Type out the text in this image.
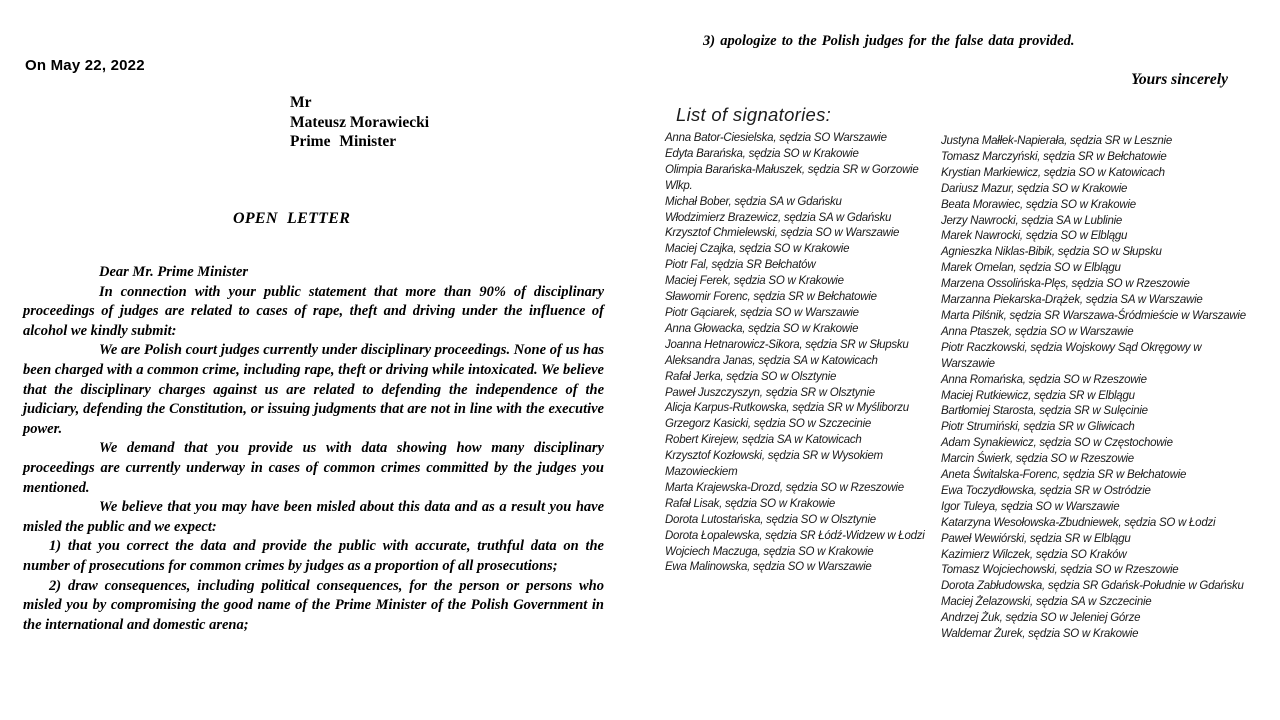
On May 22, 2022
Mr
Mateusz Morawiecki
Prime Minister
OPEN LETTER

Dear Mr. Prime Minister

In connection with your public statement that more than 90% of disciplinary proceedings of judges are related to cases of rape, theft and driving under the influence of alcohol we kindly submit:

We are Polish court judges currently under disciplinary proceedings. None of us has been charged with a common crime, including rape, theft or driving while intoxicated. We believe that the disciplinary charges against us are related to defending the independence of the judiciary, defending the Constitution, or issuing judgments that are not in line with the executive power.

We demand that you provide us with data showing how many disciplinary proceedings are currently underway in cases of common crimes committed by the judges you mentioned.

We believe that you may have been misled about this data and as a result you have misled the public and we expect:

1) that you correct the data and provide the public with accurate, truthful data on the number of prosecutions for common crimes by judges as a proportion of all prosecutions;

2) draw consequences, including political consequences, for the person or persons who misled you by compromising the good name of the Prime Minister of the Polish Government in the international and domestic arena;

3) apologize to the Polish judges for the false data provided.
Yours sincerely
List of signatories:
Anna Bator-Ciesielska, sędzia SO Warszawie
Edyta Barańska, sędzia SO w Krakowie
Olimpia Barańska-Małuszek, sędzia SR w Gorzowie Wlkp.
Michał Bober, sędzia SA w Gdańsku
Włodzimierz Brazewicz, sędzia SA w Gdańsku
Krzysztof Chmielewski, sędzia SO w Warszawie
Maciej Czajka, sędzia SO w Krakowie
Piotr Fal, sędzia SR Bełchatów
Maciej Ferek, sędzia SO w Krakowie
Sławomir Forenc, sędzia SR w Bełchatowie
Piotr Gąciarek, sędzia SO w Warszawie
Anna Głowacka, sędzia SO w Krakowie
Joanna Hetnarowicz-Sikora, sędzia SR w Słupsku
Aleksandra Janas, sędzia SA w Katowicach
Rafał Jerka, sędzia SO w Olsztynie
Paweł Juszczyszyn, sędzia SR w Olsztynie
Alicja Karpus-Rutkowska, sędzia SR w Myśliborzu
Grzegorz Kasicki, sędzia SO w Szczecinie
Robert Kirejew, sędzia SA w Katowicach
Krzysztof Kozłowski, sędzia SR w Wysokiem Mazowieckiem
Marta Krajewska-Drozd, sędzia SO w Rzeszowie
Rafał Lisak, sędzia SO w Krakowie
Dorota Lutostańska, sędzia SO w Olsztynie
Dorota Łopalewska, sędzia SR Łódź-Widzew w Łodzi
Wojciech Maczuga, sędzia SO w Krakowie
Ewa Malinowska, sędzia SO w Warszawie
Justyna Małłek-Napierała, sędzia SR w Lesznie
Tomasz Marczyński, sędzia SR w Bełchatowie
Krystian Markiewicz, sędzia SO w Katowicach
Dariusz Mazur, sędzia SO w Krakowie
Beata Morawiec, sędzia SO w Krakowie
Jerzy Nawrocki, sędzia SA w Lublinie
Marek Nawrocki, sędzia SO w Elblągu
Agnieszka Niklas-Bibik, sędzia SO w Słupsku
Marek Omelan, sędzia SO w Elblągu
Marzena Ossolińska-Plęs, sędzia SO w Rzeszowie
Marzanna Piekarska-Drążek, sędzia SA w Warszawie
Marta Pilśnik, sędzia SR Warszawa-Śródmieście w Warszawie
Anna Ptaszek, sędzia SO w Warszawie
Piotr Raczkowski, sędzia Wojskowy Sąd Okręgowy w Warszawie
Anna Romańska, sędzia SO w Rzeszowie
Maciej Rutkiewicz, sędzia SR w Elblągu
Bartłomiej Starosta, sędzia SR w Sulęcinie
Piotr Strumiński, sędzia SR w Gliwicach
Adam Synakiewicz, sędzia SO w Częstochowie
Marcin Świerk, sędzia SO w Rzeszowie
Aneta Świtalska-Forenc, sędzia SR w Bełchatowie
Ewa Toczydłowska, sędzia SR w Ostródzie
Igor Tuleya, sędzia SO w Warszawie
Katarzyna Wesołowska-Zbudniewek, sędzia SO w Łodzi
Paweł Wewiórski, sędzia SR w Elblągu
Kazimierz Wilczek, sędzia SO Kraków
Tomasz Wojciechowski, sędzia SO w Rzeszowie
Dorota Zabłudowska, sędzia SR Gdańsk-Południe w Gdańsku
Maciej Żelazowski, sędzia SA w Szczecinie
Andrzej Żuk, sędzia SO w Jeleniej Górze
Waldemar Żurek, sędzia SO w Krakowie
